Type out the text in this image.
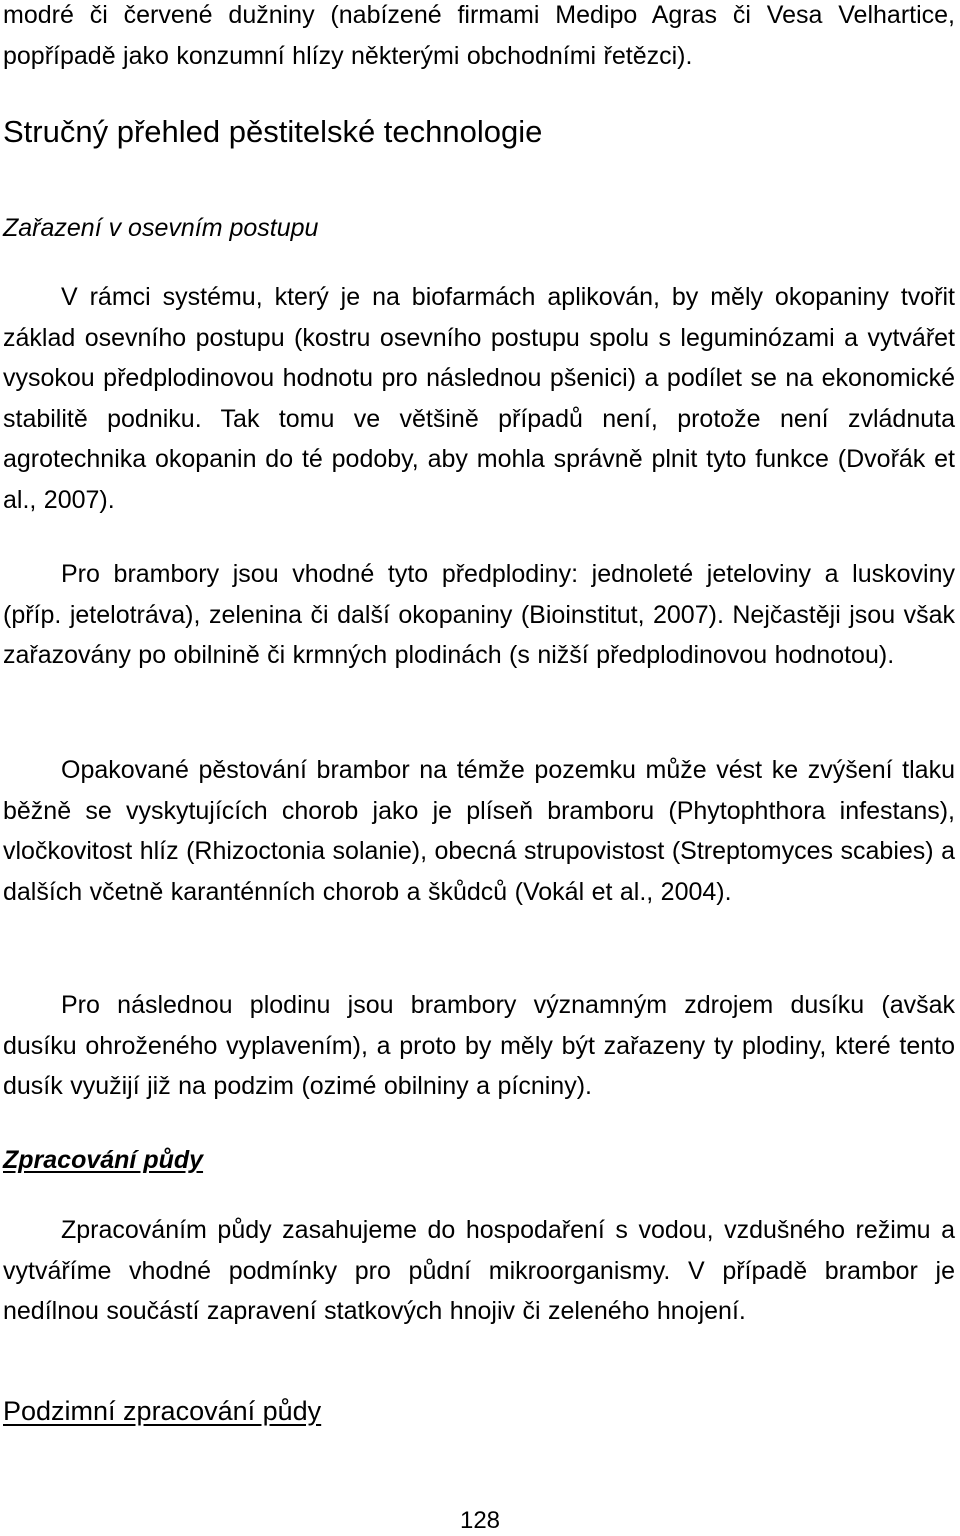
modré či červené dužniny (nabízené firmami Medipo Agras či Vesa Velhartice, popřípadě jako konzumní hlízy některými obchodními řetězci).

Stručný přehled pěstitelské technologie
Zařazení v osevním postupu

V rámci systému, který je na biofarmách aplikován, by měly okopaniny tvořit základ osevního postupu (kostru osevního postupu spolu s leguminózami a vytvářet vysokou předplodinovou hodnotu pro následnou pšenici) a podílet se na ekonomické stabilitě podniku. Tak tomu ve většině případů není, protože není zvládnuta agrotechnika okopanin do té podoby, aby mohla správně plnit tyto funkce (Dvořák et al., 2007).

Pro brambory jsou vhodné tyto předplodiny: jednoleté jeteloviny a luskoviny (příp. jetelotráva), zelenina či další okopaniny (Bioinstitut, 2007). Nejčastěji jsou však zařazovány po obilnině či krmných plodinách (s nižší předplodinovou hodnotou).

Opakované pěstování brambor na témže pozemku může vést ke zvýšení tlaku běžně se vyskytujících chorob jako je plíseň bramboru (Phytophthora infestans), vločkovitost hlíz (Rhizoctonia solanie), obecná strupovistost (Streptomyces scabies) a dalších včetně karanténních chorob a škůdců (Vokál et al., 2004).

Pro následnou plodinu jsou brambory významným zdrojem dusíku (avšak dusíku ohroženého vyplavením), a proto by měly být zařazeny ty plodiny, které tento dusík využijí již na podzim (ozimé obilniny a pícniny).

Zpracování půdy

Zpracováním půdy zasahujeme do hospodaření s vodou, vzdušného režimu a vytváříme vhodné podmínky pro půdní mikroorganismy. V případě brambor je nedílnou součástí zapravení statkových hnojiv či zeleného hnojení.

Podzimní zpracování půdy
128
